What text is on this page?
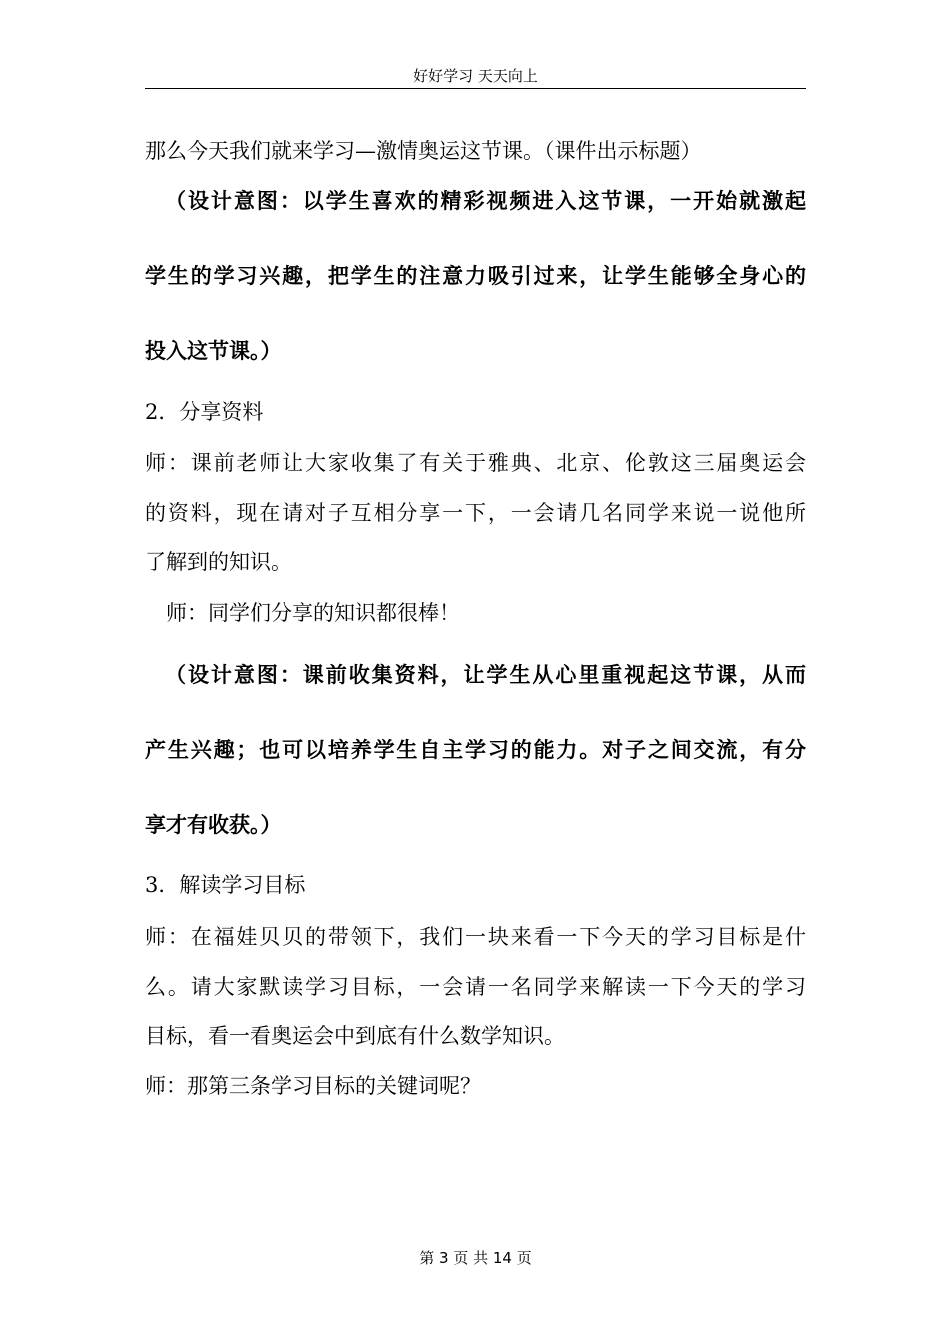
好好学习 天天向上
那么今天我们就来学习—激情奥运这节课。（课件出示标题）
（设计意图：以学生喜欢的精彩视频进入这节课，一开始就激起
学生的学习兴趣，把学生的注意力吸引过来，让学生能够全身心的
投入这节课。）
2．分享资料
师：课前老师让大家收集了有关于雅典、北京、伦敦这三届奥运会
的资料，现在请对子互相分享一下，一会请几名同学来说一说他所
了解到的知识。
师：同学们分享的知识都很棒！
（设计意图：课前收集资料，让学生从心里重视起这节课，从而
产生兴趣；也可以培养学生自主学习的能力。对子之间交流，有分
享才有收获。）
3．解读学习目标
师：在福娃贝贝的带领下，我们一块来看一下今天的学习目标是什
么。请大家默读学习目标，一会请一名同学来解读一下今天的学习
目标，看一看奥运会中到底有什么数学知识。
师：那第三条学习目标的关键词呢？
第 3 页 共 14 页
